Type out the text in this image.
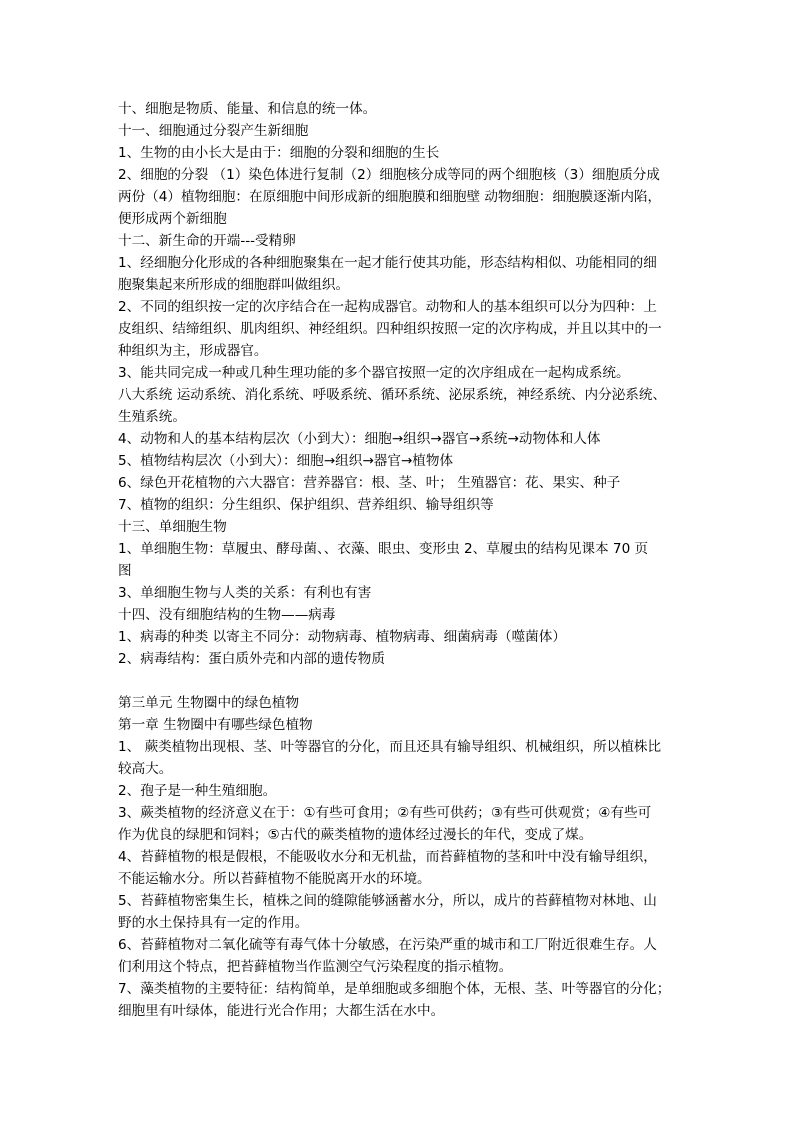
十、细胞是物质、能量、和信息的统一体。
十一、细胞通过分裂产生新细胞
1、生物的由小长大是由于：细胞的分裂和细胞的生长
2、细胞的分裂 （1）染色体进行复制（2）细胞核分成等同的两个细胞核（3）细胞质分成
两份（4）植物细胞：在原细胞中间形成新的细胞膜和细胞壁 动物细胞：细胞膜逐渐内陷，
便形成两个新细胞
十二、新生命的开端---受精卵
1、经细胞分化形成的各种细胞聚集在一起才能行使其功能，形态结构相似、功能相同的细
胞聚集起来所形成的细胞群叫做组织。
2、不同的组织按一定的次序结合在一起构成器官。动物和人的基本组织可以分为四种：上
皮组织、结缔组织、肌肉组织、神经组织。四种组织按照一定的次序构成，并且以其中的一
种组织为主，形成器官。
3、能共同完成一种或几种生理功能的多个器官按照一定的次序组成在一起构成系统。
八大系统 运动系统、消化系统、呼吸系统、循环系统、泌尿系统，神经系统、内分泌系统、
生殖系统。
4、动物和人的基本结构层次（小到大）：细胞→组织→器官→系统→动物体和人体
5、植物结构层次（小到大）：细胞→组织→器官→植物体
6、绿色开花植物的六大器官：营养器官：根、茎、叶； 生殖器官：花、果实、种子
7、植物的组织：分生组织、保护组织、营养组织、输导组织等
十三、单细胞生物
1、单细胞生物：草履虫、酵母菌、、衣藻、眼虫、变形虫 2、草履虫的结构见课本 70 页
图
3、单细胞生物与人类的关系：有利也有害
十四、没有细胞结构的生物——病毒
1、病毒的种类 以寄主不同分：动物病毒、植物病毒、细菌病毒（噬菌体）
2、病毒结构：蛋白质外壳和内部的遗传物质
第三单元 生物圈中的绿色植物
第一章 生物圈中有哪些绿色植物
1、 蕨类植物出现根、茎、叶等器官的分化，而且还具有输导组织、机械组织，所以植株比
较高大。
2、孢子是一种生殖细胞。
3、蕨类植物的经济意义在于：①有些可食用；②有些可供药；③有些可供观赏；④有些可
作为优良的绿肥和饲料；⑤古代的蕨类植物的遗体经过漫长的年代，变成了煤。
4、苔藓植物的根是假根，不能吸收水分和无机盐，而苔藓植物的茎和叶中没有输导组织，
不能运输水分。所以苔藓植物不能脱离开水的环境。
5、苔藓植物密集生长，植株之间的缝隙能够涵蓄水分，所以，成片的苔藓植物对林地、山
野的水土保持具有一定的作用。
6、苔藓植物对二氧化硫等有毒气体十分敏感，在污染严重的城市和工厂附近很难生存。人
们利用这个特点，把苔藓植物当作监测空气污染程度的指示植物。
7、藻类植物的主要特征：结构简单，是单细胞或多细胞个体，无根、茎、叶等器官的分化；
细胞里有叶绿体，能进行光合作用；大都生活在水中。
